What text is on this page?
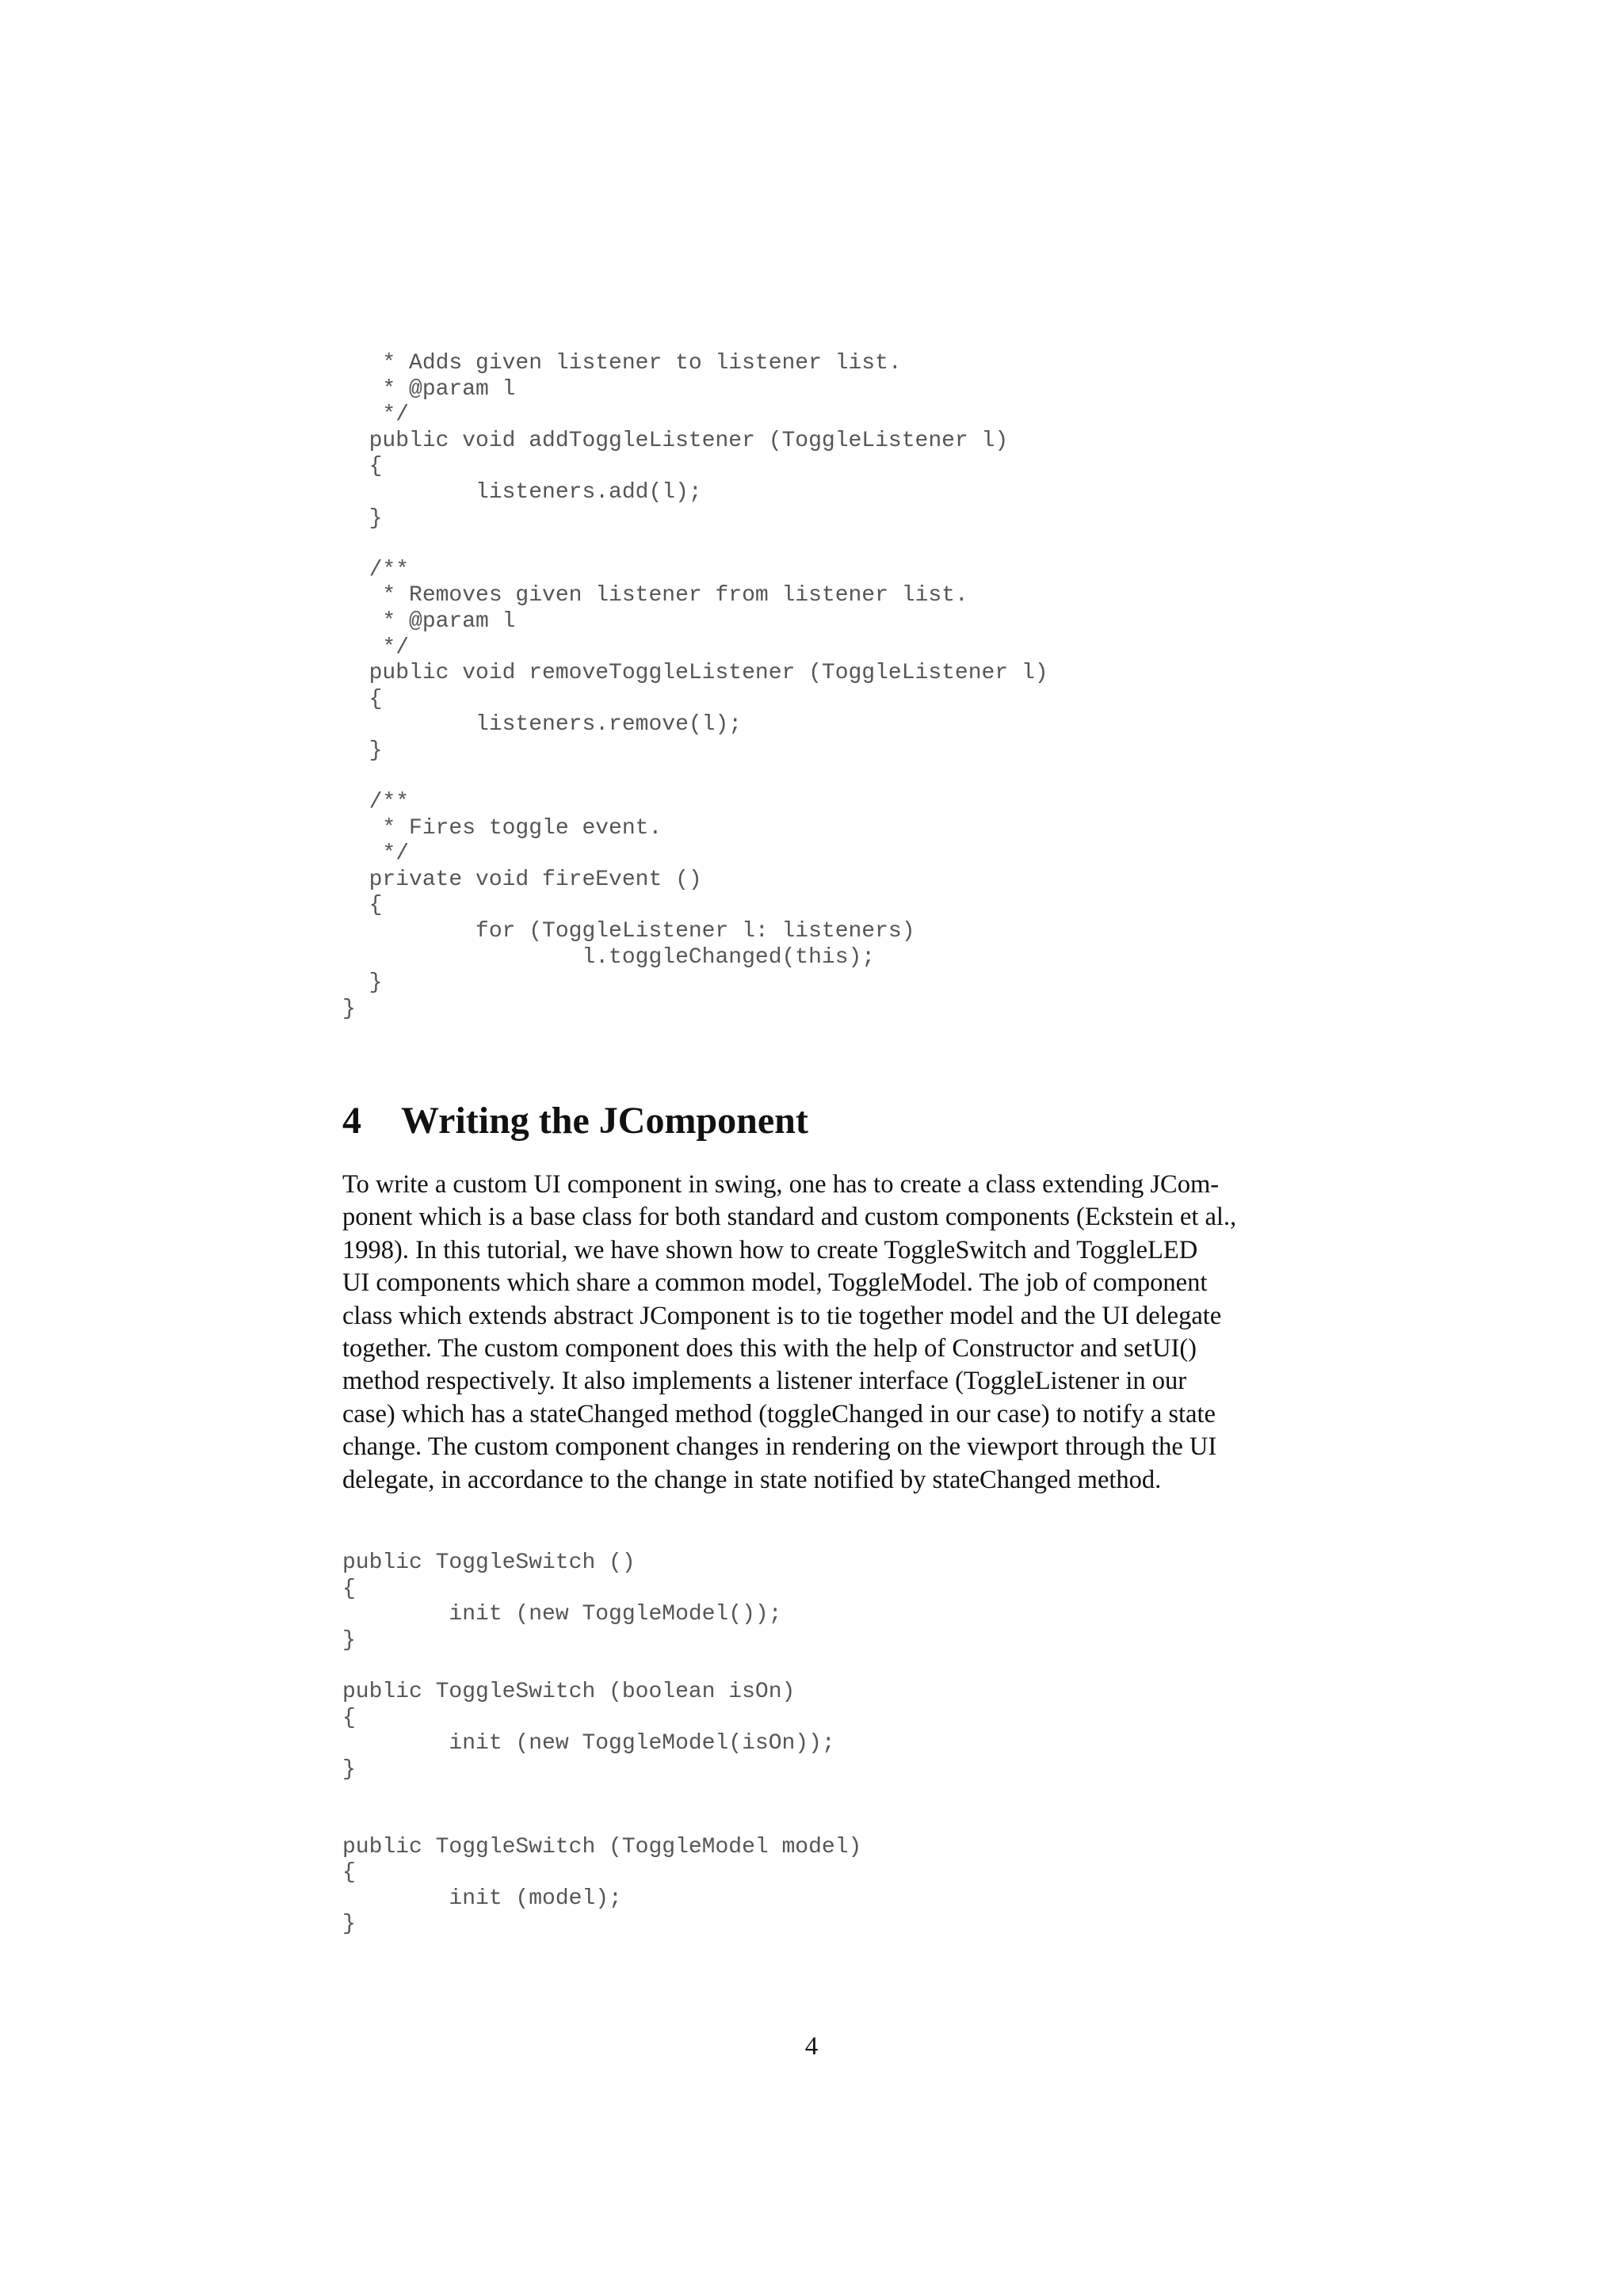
* Adds given listener to listener list.
* @param l
*/
public void addToggleListener (ToggleListener l)
{
listeners.add(l);
}

/**
* Removes given listener from listener list.
* @param l
*/
public void removeToggleListener (ToggleListener l)
{
listeners.remove(l);
}

/**
* Fires toggle event.
*/
private void fireEvent ()
{
for (ToggleListener l: listeners)
l.toggleChanged(this);
}
}
4 Writing the JComponent

To write a custom UI component in swing, one has to create a class extending JCom-
ponent which is a base class for both standard and custom components (Eckstein et al.,
1998). In this tutorial, we have shown how to create ToggleSwitch and ToggleLED
UI components which share a common model, ToggleModel. The job of component
class which extends abstract JComponent is to tie together model and the UI delegate
together. The custom component does this with the help of Constructor and setUI()
method respectively. It also implements a listener interface (ToggleListener in our
case) which has a stateChanged method (toggleChanged in our case) to notify a state
change. The custom component changes in rendering on the viewport through the UI
delegate, in accordance to the change in state notified by stateChanged method.

public ToggleSwitch ()
{
init (new ToggleModel());
}

public ToggleSwitch (boolean isOn)
{
init (new ToggleModel(isOn));
}

public ToggleSwitch (ToggleModel model)
{
init (model);
}

4
